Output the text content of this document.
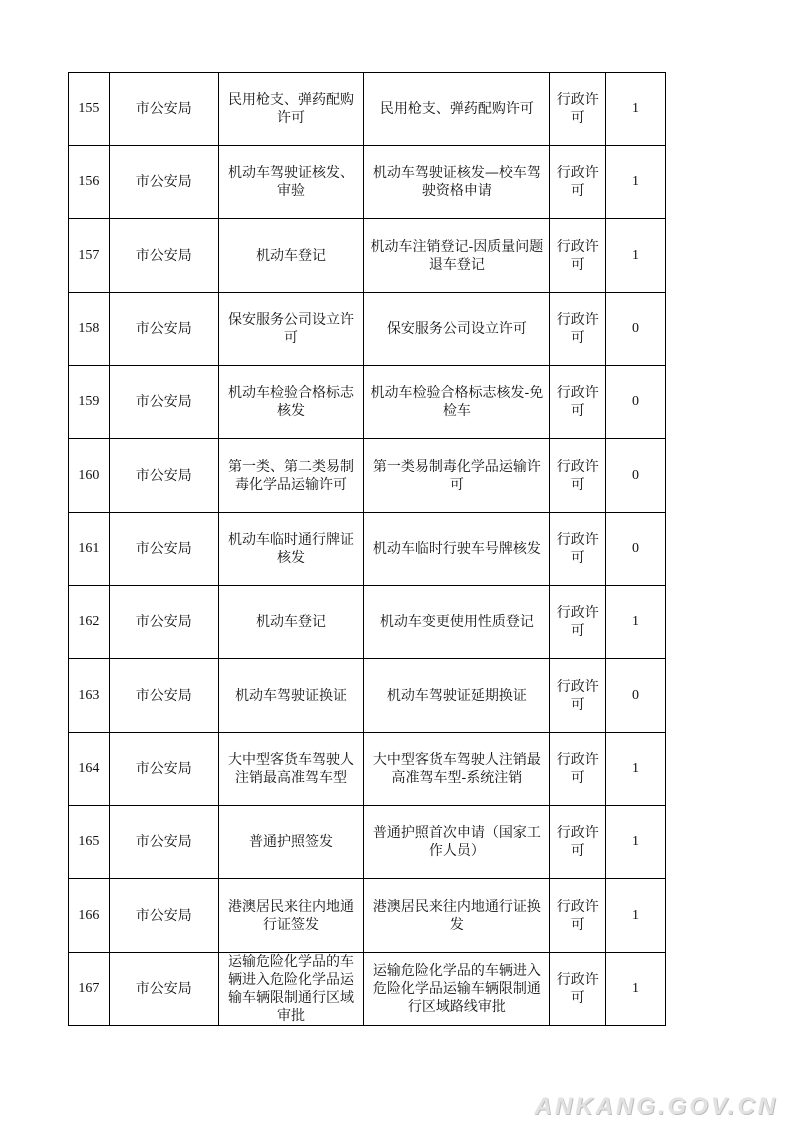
155	市公安局	民用枪支、弹药配购许可	民用枪支、弹药配购许可	行政许可	1
156	市公安局	机动车驾驶证核发、审验	机动车驾驶证核发—校车驾驶资格申请	行政许可	1
157	市公安局	机动车登记	机动车注销登记-因质量问题退车登记	行政许可	1
158	市公安局	保安服务公司设立许可	保安服务公司设立许可	行政许可	0
159	市公安局	机动车检验合格标志核发	机动车检验合格标志核发-免检车	行政许可	0
160	市公安局	第一类、第二类易制毒化学品运输许可	第一类易制毒化学品运输许可	行政许可	0
161	市公安局	机动车临时通行牌证核发	机动车临时行驶车号牌核发	行政许可	0
162	市公安局	机动车登记	机动车变更使用性质登记	行政许可	1
163	市公安局	机动车驾驶证换证	机动车驾驶证延期换证	行政许可	0
164	市公安局	大中型客货车驾驶人注销最高准驾车型	大中型客货车驾驶人注销最高准驾车型-系统注销	行政许可	1
165	市公安局	普通护照签发	普通护照首次申请（国家工作人员）	行政许可	1
166	市公安局	港澳居民来往内地通行证签发	港澳居民来往内地通行证换发	行政许可	1
167	市公安局	运输危险化学品的车辆进入危险化学品运输车辆限制通行区域审批	运输危险化学品的车辆进入危险化学品运输车辆限制通行区域路线审批	行政许可	1
ANKANG.GOV.CN
